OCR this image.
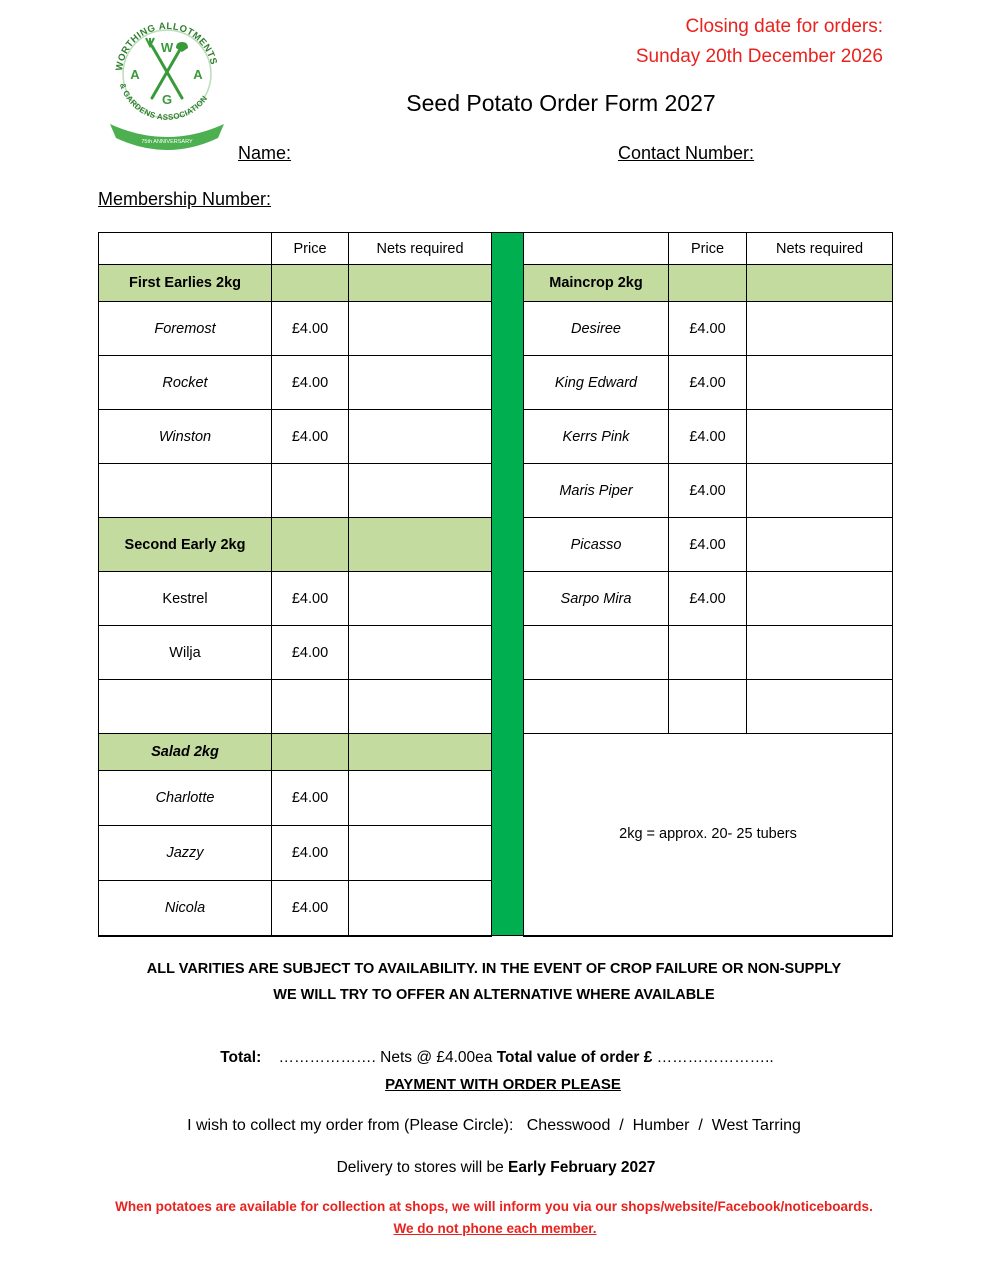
WORTHING ALLOTMENTS
& GARDENS ASSOCIATION
W
A	A
G
1948 - 2023
75th ANNIVERSARY
Closing date for orders:
Sunday 20th December 2026
Seed Potato Order Form 2027
Name:	Contact Number:
Membership Number:
	Price	Nets required			Price	Nets required
First Earlies 2kg				Maincrop 2kg		
Foremost	£4.00			Desiree	£4.00	
Rocket	£4.00			King Edward	£4.00	
Winston	£4.00			Kerrs Pink	£4.00	
				Maris Piper	£4.00	
Second Early 2kg				Picasso	£4.00	
Kestrel	£4.00			Sarpo Mira	£4.00	
Wilja	£4.00					

Salad 2kg				2kg = approx. 20- 25 tubers		
Charlotte	£4.00					
Jazzy	£4.00					
Nicola	£4.00					
ALL VARITIES ARE SUBJECT TO AVAILABILITY. IN THE EVENT OF CROP FAILURE OR NON-SUPPLY
WE WILL TRY TO OFFER AN ALTERNATIVE WHERE AVAILABLE
Total: ………………. Nets @ £4.00ea Total value of order £ …………………..
PAYMENT WITH ORDER PLEASE
I wish to collect my order from (Please Circle): Chesswood  /  Humber  /  West Tarring
Delivery to stores will be Early February 2027
When potatoes are available for collection at shops, we will inform you via our shops/website/Facebook/noticeboards.
We do not phone each member.
